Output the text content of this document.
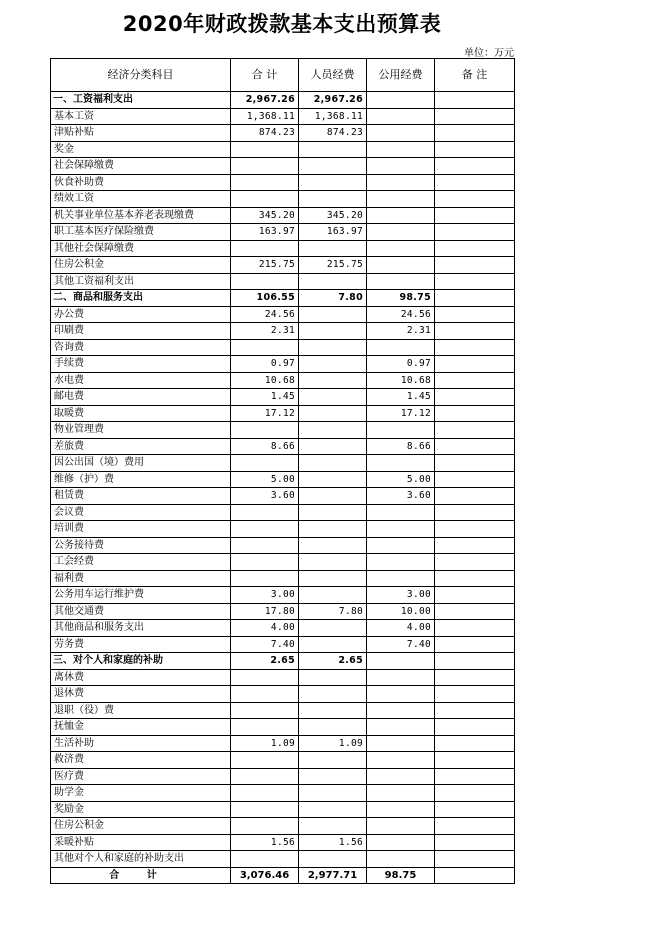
2020年财政拨款基本支出预算表
单位：万元
经济分类科目	合 计	人员经费	公用经费	备 注
一、工资福利支出	2,967.26	2,967.26		
基本工资	1,368.11	1,368.11		
津贴补贴	874.23	874.23		
奖金				
社会保障缴费				
伙食补助费				
绩效工资				
机关事业单位基本养老表现缴费	345.20	345.20		
职工基本医疗保险缴费	163.97	163.97		
其他社会保障缴费				
住房公积金	215.75	215.75		
其他工资福利支出				
二、商品和服务支出	106.55	7.80	98.75	
办公费	24.56		24.56	
印刷费	2.31		2.31	
咨询费				
手续费	0.97		0.97	
水电费	10.68		10.68	
邮电费	1.45		1.45	
取暖费	17.12		17.12	
物业管理费				
差旅费	8.66		8.66	
因公出国（境）费用				
维修（护）费	5.00		5.00	
租赁费	3.60		3.60	
会议费				
培训费				
公务接待费				
工会经费				
福利费				
公务用车运行维护费	3.00		3.00	
其他交通费	17.80	7.80	10.00	
其他商品和服务支出	4.00		4.00	
劳务费	7.40		7.40	
三、对个人和家庭的补助	2.65	2.65		
离休费				
退休费				
退职（役）费				
抚恤金				
生活补助	1.09	1.09		
救济费				
医疗费				
助学金				
奖励金				
住房公积金				
采暖补贴	1.56	1.56		
其他对个人和家庭的补助支出				
合 计	3,076.46	2,977.71	98.75	
